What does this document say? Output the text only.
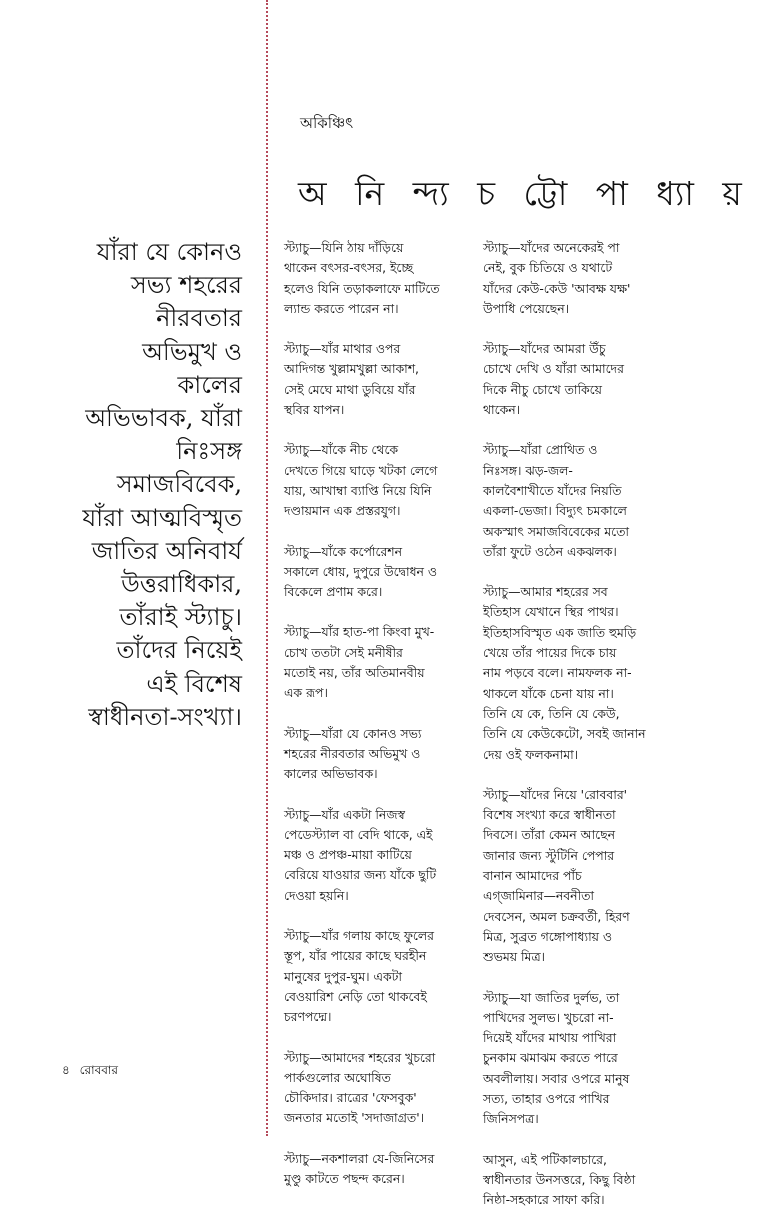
অকিঞ্চিৎ
অ নি ন্দ্য চ ট্টো পা ধ্যা য়
যাঁরা যে কোনও
সভ্য শহরের
নীরবতার
অভিমুখ ও
কালের
অভিভাবক, যাঁরা
নিঃসঙ্গ
সমাজবিবেক,
যাঁরা আত্মবিস্মৃত
জাতির অনিবার্য
উত্তরাধিকার,
তাঁরাই স্ট্যাচু।
তাঁদের নিয়েই
এই বিশেষ
স্বাধীনতা-সংখ্যা।

স্ট্যাচু—যিনি ঠায় দাঁড়িয়ে
থাকেন বৎসর-বৎসর, ইচ্ছে
হলেও যিনি তড়াকলাফে মাটিতে
ল্যান্ড করতে পারেন না।

স্ট্যাচু—যাঁর মাথার ওপর
আদিগন্ত খুল্লামখুল্লা আকাশ,
সেই মেঘে মাথা ডুবিয়ে যাঁর
স্থবির যাপন।

স্ট্যাচু—যাঁকে নীচ থেকে
দেখতে গিয়ে ঘাড়ে খটকা লেগে
যায়, আখাম্বা ব্যাপ্তি নিয়ে যিনি
দণ্ডায়মান এক প্রস্তরযুগ।

স্ট্যাচু—যাঁকে কর্পোরেশন
সকালে ধোয়, দুপুরে উদ্বোধন ও
বিকেলে প্রণাম করে।

স্ট্যাচু—যাঁর হাত-পা কিংবা মুখ-
চোখ ততটা সেই মনীষীর
মতোই নয়, তাঁর অতিমানবীয়
এক রূপ।

স্ট্যাচু—যাঁরা যে কোনও সভ্য
শহরের নীরবতার অভিমুখ ও
কালের অভিভাবক।

স্ট্যাচু—যাঁর একটা নিজস্ব
পেডেস্ট্যাল বা বেদি থাকে, এই
মঞ্চ ও প্রপঞ্চ-মায়া কাটিয়ে
বেরিয়ে যাওয়ার জন্য যাঁকে ছুটি
দেওয়া হয়নি।

স্ট্যাচু—যাঁর গলায় কাছে ফুলের
স্তূপ, যাঁর পায়ের কাছে ঘরহীন
মানুষের দুপুর-ঘুম। একটা
বেওয়ারিশ নেড়ি তো থাকবেই
চরণপদ্মে।

স্ট্যাচু—আমাদের শহরের খুচরো
পার্কগুলোর অঘোষিত
চৌকিদার। রাত্রের 'ফেসবুক'
জনতার মতোই 'সদাজাগ্রত'।

স্ট্যাচু—নকশালরা যে-জিনিসের
মুণ্ডু কাটতে পছন্দ করেন।

স্ট্যাচু—যাঁদের অনেকেরই পা
নেই, বুক চিতিয়ে ও যথাটে
যাঁদের কেউ-কেউ 'আবক্ষ যক্ষ'
উপাধি পেয়েছেন।

স্ট্যাচু—যাঁদের আমরা উঁচু
চোখে দেখি ও যাঁরা আমাদের
দিকে নীচু চোখে তাকিয়ে
থাকেন।

স্ট্যাচু—যাঁরা প্রোথিত ও
নিঃসঙ্গ। ঝড়-জল-
কালবৈশাখীতে যাঁদের নিয়তি
একলা-ভেজা। বিদ্যুৎ চমকালে
অকস্মাৎ সমাজবিবেকের মতো
তাঁরা ফুটে ওঠেন একঝলক।

স্ট্যাচু—আমার শহরের সব
ইতিহাস যেখানে স্থির পাথর।
ইতিহাসবিস্মৃত এক জাতি হুমড়ি
খেয়ে তাঁর পায়ের দিকে চায়
নাম পড়বে বলে। নামফলক না-
থাকলে যাঁকে চেনা যায় না।
তিনি যে কে, তিনি যে কেউ,
তিনি যে কেউকেটো, সবই জানান
দেয় ওই ফলকনামা।

স্ট্যাচু—যাঁদের নিয়ে 'রোববার'
বিশেষ সংখ্যা করে স্বাধীনতা
দিবসে। তাঁরা কেমন আছেন
জানার জন্য স্টুটিনি পেপার
বানান আমাদের পাঁচ
এগ্‌জামিনার—নবনীতা
দেবসেন, অমল চক্রবর্তী, হিরণ
মিত্র, সুব্রত গঙ্গোপাধ্যায় ও
শুভময় মিত্র।

স্ট্যাচু—যা জাতির দুর্লভ, তা
পাখিদের সুলভ। খুচরো না-
দিয়েই যাঁদের মাথায় পাখিরা
চুনকাম ঝমাঝম করতে পারে
অবলীলায়। সবার ওপরে মানুষ
সত্য, তাহার ওপরে পাখির
জিনিসপত্র।

আসুন, এই পটিকালচারে,
স্বাধীনতার উনসত্তরে, কিছু বিষ্ঠা
নিষ্ঠা-সহকারে সাফা করি।

৪ রোববার
